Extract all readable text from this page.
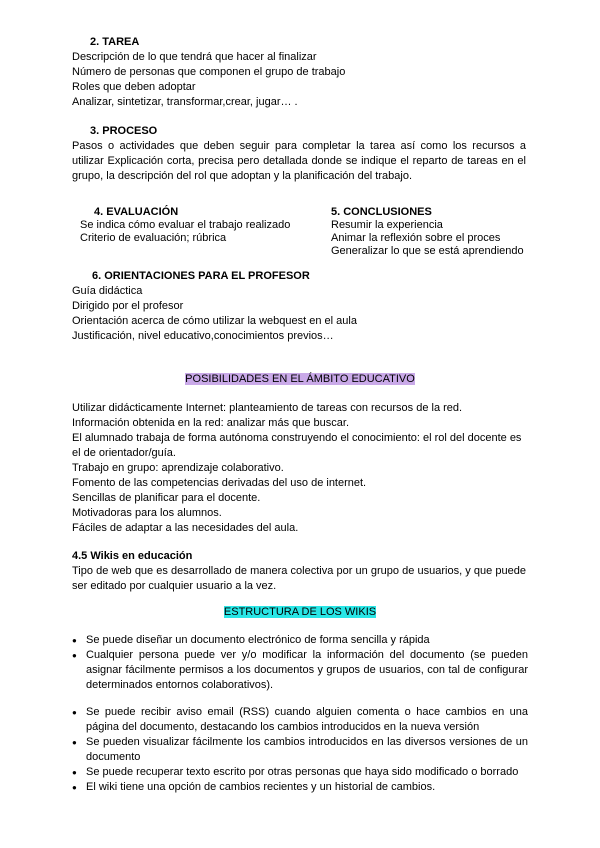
2. TAREA
Descripción de lo que tendrá que hacer al finalizar
Número de personas que componen el grupo de trabajo
Roles que deben adoptar
Analizar, sintetizar, transformar,crear, jugar… .
3. PROCESO
Pasos o actividades que deben seguir para completar la tarea así como los recursos a utilizar Explicación corta, precisa pero detallada donde se indique el reparto de tareas en el grupo, la descripción del rol que adoptan y la planificación del trabajo.
4. EVALUACIÓN
Se indica cómo evaluar el trabajo realizado
Criterio de evaluación; rúbrica
5. CONCLUSIONES
Resumir la experiencia
Animar la reflexión sobre el proces
Generalizar lo que se está aprendiendo
6. ORIENTACIONES PARA EL PROFESOR
Guía didáctica
Dirigido por el profesor
Orientación acerca de cómo utilizar la webquest en el aula
Justificación, nivel educativo,conocimientos previos…
POSIBILIDADES EN EL ÁMBITO EDUCATIVO
Utilizar didácticamente Internet: planteamiento de tareas con recursos de la red.
Información obtenida en la red: analizar más que buscar.
El alumnado trabaja de forma autónoma construyendo el conocimiento: el rol del docente es
el de orientador/guía.
Trabajo en grupo: aprendizaje colaborativo.
Fomento de las competencias derivadas del uso de internet.
Sencillas de planificar para el docente.
Motivadoras para los alumnos.
Fáciles de adaptar a las necesidades del aula.
4.5 Wikis en educación
Tipo de web que es desarrollado de manera colectiva por un grupo de usuarios, y que puede ser editado por cualquier usuario a la vez.
ESTRUCTURA DE LOS WIKIS
● Se puede diseñar un documento electrónico de forma sencilla y rápida
● Cualquier persona puede ver y/o modificar la información del documento (se pueden asignar fácilmente permisos a los documentos y grupos de usuarios, con tal de configurar determinados entornos colaborativos).
● Se puede recibir aviso email (RSS) cuando alguien comenta o hace cambios en una página del documento, destacando los cambios introducidos en la nueva versión
● Se pueden visualizar fácilmente los cambios introducidos en las diversos versiones de un documento
● Se puede recuperar texto escrito por otras personas que haya sido modificado o borrado
● El wiki tiene una opción de cambios recientes y un historial de cambios.
